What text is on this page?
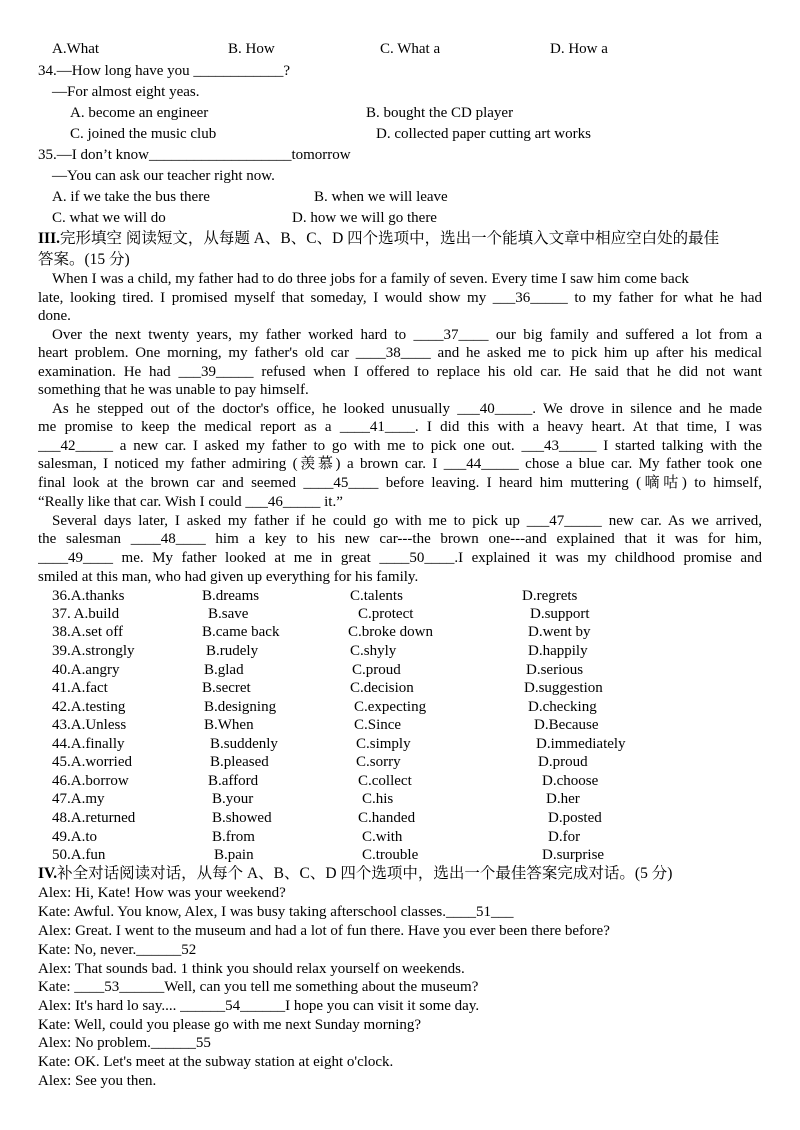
A.What	B. How	C. What a	D. How a
34.—How long have you ____________?
—For almost eight yeas.
A. become an engineer	B. bought the CD player
C. joined the music club	D. collected paper cutting art works
35.—I don’t know___________________tomorrow
—You can ask our teacher right now.
A. if we take the bus there	B. when we will leave
C. what we will do	D. how we will go there
III.完形填空 阅读短文，从每题 A、B、C、D 四个选项中，选出一个能填入文章中相应空白处的最佳
答案。(15 分)
When I was a child, my father had to do three jobs for a family of seven. Every time I saw him come back
late, looking tired. I promised myself that someday, I would show my ___36_____ to my father for what he had
done.
Over the next twenty years, my father worked hard to ____37____ our big family and suffered a lot from a
heart problem. One morning, my father's old car ____38____ and he asked me to pick him up after his medical
examination. He had ___39_____ refused when I offered to replace his old car. He said that he did not want
something that he was unable to pay himself.
As he stepped out of the doctor's office, he looked unusually ___40_____. We drove in silence and he made
me promise to keep the medical report as a ____41____. I did this with a heavy heart. At that time, I was
___42_____ a new car. I asked my father to go with me to pick one out. ___43_____ I started talking with the
salesman, I noticed my father admiring (羡慕) a brown car. I ___44_____ chose a blue car. My father took one
final look at the brown car and seemed ____45____ before leaving. I heard him muttering (嘀咕) to himself,
“Really like that car. Wish I could ___46_____ it.”
Several days later, I asked my father if he could go with me to pick up ___47_____ new car. As we arrived,
the salesman ____48____ him a key to his new car---the brown one---and explained that it was for him,
____49____ me. My father looked at me in great ____50____.I explained it was my childhood promise and
smiled at this man, who had given up everything for his family.
36.A.thanks	B.dreams	C.talents	D.regrets
37. A.build	B.save	C.protect	D.support
38.A.set off	B.came back	C.broke down	D.went by
39.A.strongly	B.rudely	C.shyly	D.happily
40.A.angry	B.glad	C.proud	D.serious
41.A.fact	B.secret	C.decision	D.suggestion
42.A.testing	B.designing	C.expecting	D.checking
43.A.Unless	B.When	C.Since	D.Because
44.A.finally	B.suddenly	C.simply	D.immediately
45.A.worried	B.pleased	C.sorry	D.proud
46.A.borrow	B.afford	C.collect	D.choose
47.A.my	B.your	C.his	D.her
48.A.returned	B.showed	C.handed	D.posted
49.A.to	B.from	C.with	D.for
50.A.fun	B.pain	C.trouble	D.surprise
IV.补全对话阅读对话，从每个 A、B、C、D 四个选项中，选出一个最佳答案完成对话。(5 分)
Alex: Hi, Kate! How was your weekend?
Kate: Awful. You know, Alex, I was busy taking afterschool classes.____51___
Alex: Great. I went to the museum and had a lot of fun there. Have you ever been there before?
Kate: No, never.______52
Alex: That sounds bad. 1 think you should relax yourself on weekends.
Kate: ____53______Well, can you tell me something about the museum?
Alex: It's hard lo say.... ______54______I hope you can visit it some day.
Kate: Well, could you please go with me next Sunday morning?
Alex: No problem.______55
Kate: OK. Let's meet at the subway station at eight o'clock.
Alex: See you then.
